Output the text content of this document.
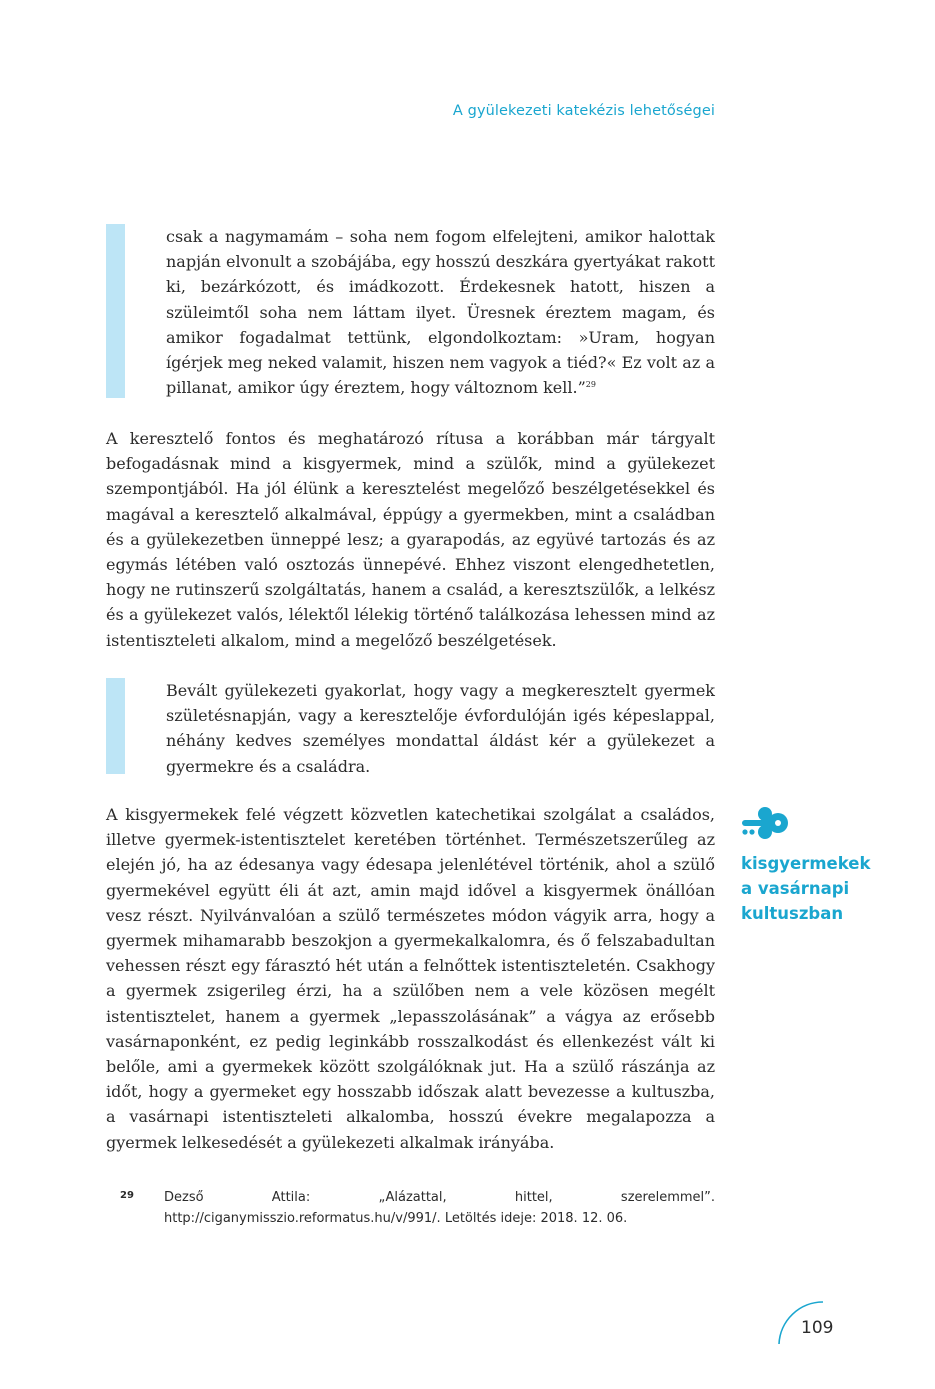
A gyülekezeti katekézis lehetőségei

csak a nagymamám – soha nem fogom elfelejteni, amikor halottak napján elvonult a szobájába, egy hosszú deszkára gyertyákat rakott ki, bezárkózott, és imádkozott. Érdekesnek hatott, hiszen a szüleimtől soha nem láttam ilyet. Üresnek éreztem magam, és amikor fogadalmat tettünk, elgondolkoztam: »Uram, hogyan ígérjek meg neked valamit, hiszen nem vagyok a tiéd?« Ez volt az a pillanat, amikor úgy éreztem, hogy változnom kell.”$^{29}$

A keresztelő fontos és meghatározó rítusa a korábban már tárgyalt befogadásnak mind a kisgyermek, mind a szülők, mind a gyülekezet szempontjából. Ha jól élünk a keresztelést megelőző beszélgetésekkel és magával a keresztelő alkalmával, éppúgy a gyermekben, mint a családban és a gyülekezetben ünneppé lesz; a gyarapodás, az együvé tartozás és az egymás létében való osztozás ünnepévé. Ehhez viszont elengedhetetlen, hogy ne rutinszerű szolgáltatás, hanem a család, a keresztszülők, a lelkész és a gyülekezet valós, lélektől lélekig történő találkozása lehessen mind az istentiszteleti alkalom, mind a megelőző beszélgetések.

Bevált gyülekezeti gyakorlat, hogy vagy a megkeresztelt gyermek születésnapján, vagy a keresztelője évfordulóján igés képeslappal, néhány kedves személyes mondattal áldást kér a gyülekezet a gyermekre és a családra.

A kisgyermekek felé végzett közvetlen katechetikai szolgálat a családos, illetve gyermek-istentisztelet keretében történhet. Természetszerűleg az elején jó, ha az édesanya vagy édesapa jelenlétével történik, ahol a szülő gyermekével együtt éli át azt, amin majd idővel a kisgyermek önállóan vesz részt. Nyilvánvalóan a szülő természetes módon vágyik arra, hogy a gyermek mihamarabb beszokjon a gyermekalkalomra, és ő felszabadultan vehessen részt egy fárasztó hét után a felnőttek istentiszteletén. Csakhogy a gyermek zsigerileg érzi, ha a szülőben nem a vele közösen megélt istentisztelet, hanem a gyermek „lepasszolásának” a vágya az erősebb vasárnaponként, ez pedig leginkább rosszalkodást és ellenkezést vált ki belőle, ami a gyermekek között szolgálóknak jut. Ha a szülő rászánja az időt, hogy a gyermeket egy hosszabb időszak alatt bevezesse a kultuszba, a vasárnapi istentiszteleti alkalomba, hosszú évekre megalapozza a gyermek lelkesedését a gyülekezeti alkalmak irányába.

kisgyermekek
a vasárnapi
kultuszban
29 Dezső Attila: „Alázattal, hittel, szerelemmel”. http://ciganymisszio.reformatus.hu/v/991/. Letöltés ideje: 2018. 12. 06.
109
